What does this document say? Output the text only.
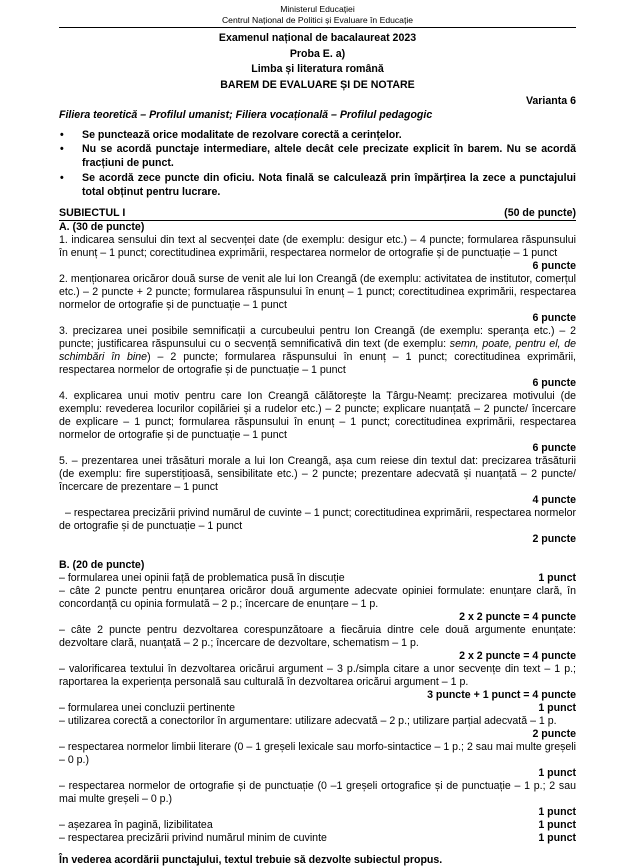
Ministerul Educației
Centrul Național de Politici și Evaluare în Educație
Examenul național de bacalaureat 2023
Proba E. a)
Limba și literatura română
BAREM DE EVALUARE ȘI DE NOTARE
Varianta 6
Filiera teoretică – Profilul umanist; Filiera vocațională – Profilul pedagogic
• Se punctează orice modalitate de rezolvare corectă a cerințelor.
• Nu se acordă punctaje intermediare, altele decât cele precizate explicit în barem. Nu se acordă fracțiuni de punct.
• Se acordă zece puncte din oficiu. Nota finală se calculează prin împărțirea la zece a punctajului total obținut pentru lucrare.
SUBIECTUL I	(50 de puncte)
A. (30 de puncte)
1. indicarea sensului din text al secvenței date (de exemplu: desigur etc.) – 4 puncte; formularea răspunsului în enunț – 1 punct; corectitudinea exprimării, respectarea normelor de ortografie și de punctuație – 1 punct
6 puncte
2. menționarea oricăror două surse de venit ale lui Ion Creangă (de exemplu: activitatea de institutor, comerțul etc.) – 2 puncte + 2 puncte; formularea răspunsului în enunț – 1 punct; corectitudinea exprimării, respectarea normelor de ortografie și de punctuație – 1 punct
6 puncte
3. precizarea unei posibile semnificații a curcubeului pentru Ion Creangă (de exemplu: speranța etc.) – 2 puncte; justificarea răspunsului cu o secvență semnificativă din text (de exemplu: semn, poate, pentru el, de schimbări în bine) – 2 puncte; formularea răspunsului în enunț – 1 punct; corectitudinea exprimării, respectarea normelor de ortografie și de punctuație – 1 punct
6 puncte
4. explicarea unui motiv pentru care Ion Creangă călătorește la Târgu-Neamț: precizarea motivului (de exemplu: revederea locurilor copilăriei și a rudelor etc.) – 2 puncte; explicare nuanțată – 2 puncte/ încercare de explicare – 1 punct; formularea răspunsului în enunț – 1 punct; corectitudinea exprimării, respectarea normelor de ortografie și de punctuație – 1 punct
6 puncte
5. – prezentarea unei trăsături morale a lui Ion Creangă, așa cum reiese din textul dat: precizarea trăsăturii (de exemplu: fire superstițioasă, sensibilitate etc.) – 2 puncte; prezentare adecvată și nuanțată – 2 puncte/încercare de prezentare – 1 punct
4 puncte
– respectarea precizării privind numărul de cuvinte – 1 punct; corectitudinea exprimării, respectarea normelor de ortografie și de punctuație – 1 punct
2 puncte
B. (20 de puncte)
– formularea unei opinii față de problematica pusă în discuție	1 punct
– câte 2 puncte pentru enunțarea oricăror două argumente adecvate opiniei formulate: enunțare clară, în concordanță cu opinia formulată – 2 p.; încercare de enunțare – 1 p.
2 x 2 puncte = 4 puncte
– câte 2 puncte pentru dezvoltarea corespunzătoare a fiecăruia dintre cele două argumente enunțate: dezvoltare clară, nuanțată – 2 p.; încercare de dezvoltare, schematism – 1 p.
2 x 2 puncte = 4 puncte
– valorificarea textului în dezvoltarea oricărui argument – 3 p./simpla citare a unor secvențe din text – 1 p.; raportarea la experiența personală sau culturală în dezvoltarea oricărui argument – 1 p.
3 puncte + 1 punct = 4 puncte
– formularea unei concluzii pertinente	1 punct
– utilizarea corectă a conectorilor în argumentare: utilizare adecvată – 2 p.; utilizare parțial adecvată – 1 p.
2 puncte
– respectarea normelor limbii literare (0 – 1 greșeli lexicale sau morfo-sintactice – 1 p.; 2 sau mai multe greșeli – 0 p.)
1 punct
– respectarea normelor de ortografie și de punctuație (0 –1 greșeli ortografice și de punctuație – 1 p.; 2 sau mai multe greșeli – 0 p.)
1 punct
– așezarea în pagină, lizibilitatea	1 punct
– respectarea precizării privind numărul minim de cuvinte	1 punct
În vederea acordării punctajului, textul trebuie să dezvolte subiectul propus.
